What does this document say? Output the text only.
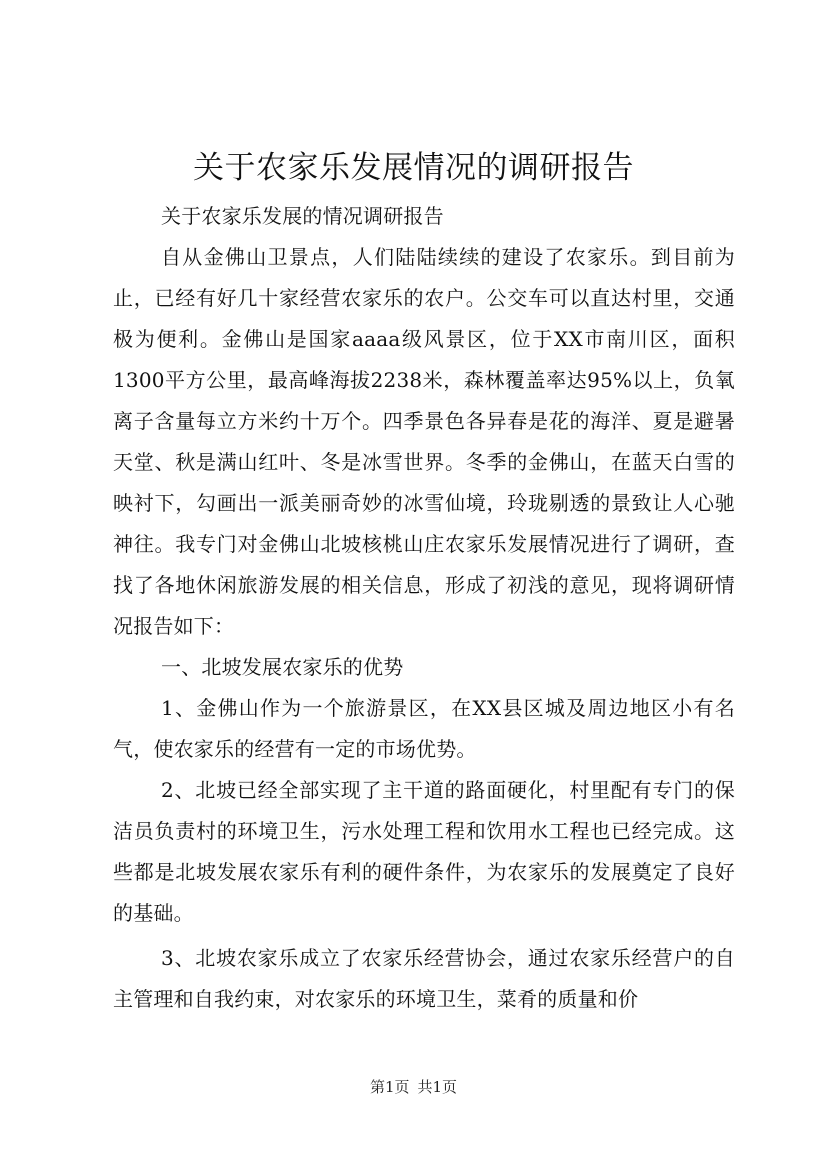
关于农家乐发展情况的调研报告

关于农家乐发展的情况调研报告

自从金佛山卫景点，人们陆陆续续的建设了农家乐。到目前为止，已经有好几十家经营农家乐的农户。公交车可以直达村里，交通极为便利。金佛山是国家aaaa级风景区，位于XX市南川区，面积1300平方公里，最高峰海拔2238米，森林覆盖率达95%以上，负氧离子含量每立方米约十万个。四季景色各异春是花的海洋、夏是避暑天堂、秋是满山红叶、冬是冰雪世界。冬季的金佛山，在蓝天白雪的映衬下，勾画出一派美丽奇妙的冰雪仙境，玲珑剔透的景致让人心驰神往。我专门对金佛山北坡核桃山庄农家乐发展情况进行了调研，查找了各地休闲旅游发展的相关信息，形成了初浅的意见，现将调研情况报告如下：

一、北坡发展农家乐的优势

1、金佛山作为一个旅游景区，在XX县区城及周边地区小有名气，使农家乐的经营有一定的市场优势。

2、北坡已经全部实现了主干道的路面硬化，村里配有专门的保洁员负责村的环境卫生，污水处理工程和饮用水工程也已经完成。这些都是北坡发展农家乐有利的硬件条件，为农家乐的发展奠定了良好的基础。

3、北坡农家乐成立了农家乐经营协会，通过农家乐经营户的自主管理和自我约束，对农家乐的环境卫生，菜肴的质量和价

第1页 共1页
